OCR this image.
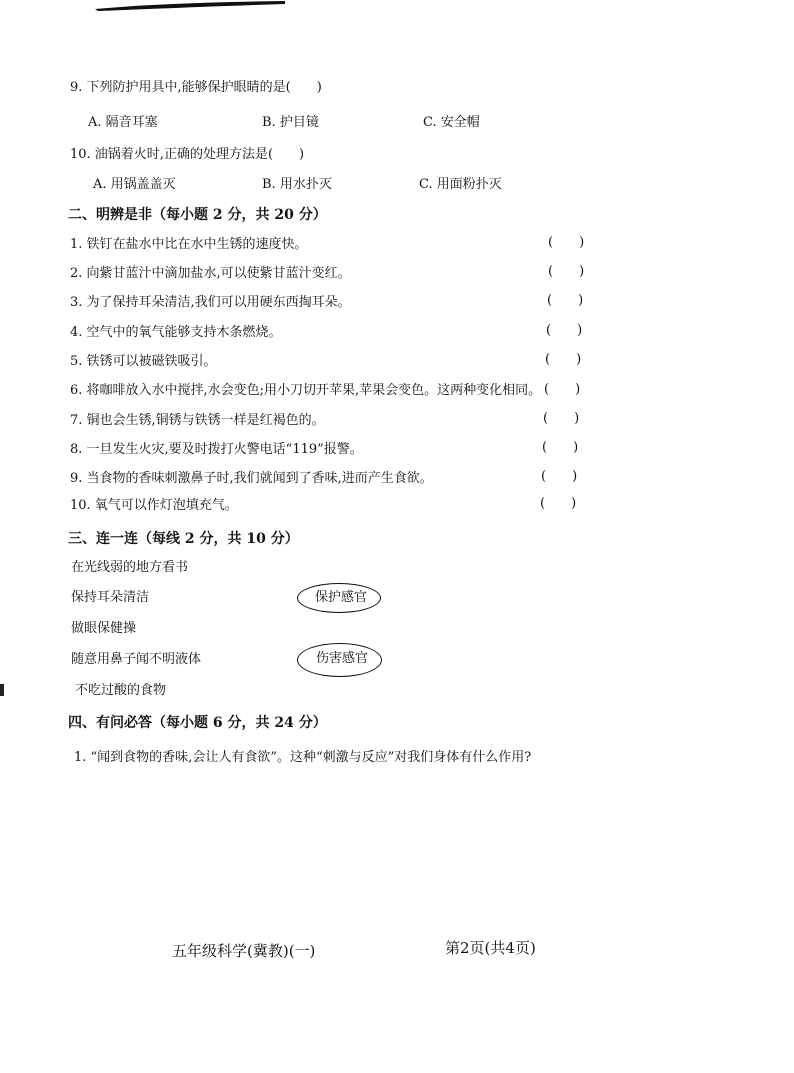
9. 下列防护用具中,能够保护眼睛的是(　　)
A. 隔音耳塞	B. 护目镜	C. 安全帽
10. 油锅着火时,正确的处理方法是(　　)
A. 用锅盖盖灭	B. 用水扑灭	C. 用面粉扑灭
二、明辨是非（每小题 2 分，共 20 分）
1. 铁钉在盐水中比在水中生锈的速度快。	(　　)
2. 向紫甘蓝汁中滴加盐水,可以使紫甘蓝汁变红。	(　　)
3. 为了保持耳朵清洁,我们可以用硬东西掏耳朵。	(　　)
4. 空气中的氧气能够支持木条燃烧。	(　　)
5. 铁锈可以被磁铁吸引。	(　　)
6. 将咖啡放入水中搅拌,水会变色;用小刀切开苹果,苹果会变色。这两种变化相同。 (　　)
7. 铜也会生锈,铜锈与铁锈一样是红褐色的。	(　　)
8. 一旦发生火灾,要及时拨打火警电话“119”报警。	(　　)
9. 当食物的香味刺激鼻子时,我们就闻到了香味,进而产生食欲。	(　　)
10. 氧气可以作灯泡填充气。	(　　)
三、连一连（每线 2 分，共 10 分）
在光线弱的地方看书
保持耳朵清洁
做眼保健操
随意用鼻子闻不明液体
不吃过酸的食物
保护感官
伤害感官
四、有问必答（每小题 6 分，共 24 分）
1. “闻到食物的香味,会让人有食欲”。这种“刺激与反应”对我们身体有什么作用?
五年级科学(冀教)(一)	第2页(共4页)
